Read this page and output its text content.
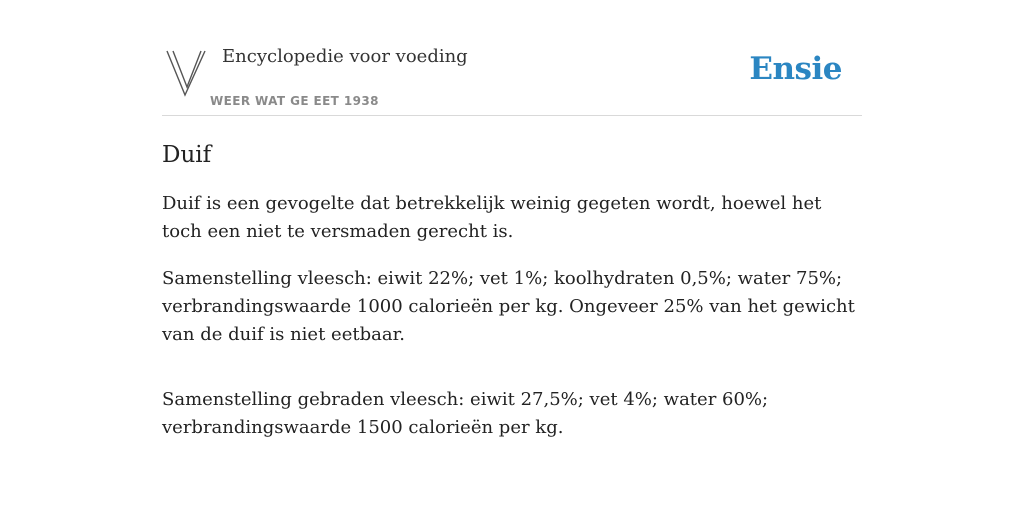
Encyclopedie voor voeding
WEER WAT GE EET 1938
Ensie
Duif

Duif is een gevogelte dat betrekkelijk weinig gegeten wordt, hoewel het toch een niet te versmaden gerecht is.

Samenstelling vleesch: eiwit 22%; vet 1%; koolhydraten 0,5%; water 75%; verbrandingswaarde 1000 calorieën per kg. Ongeveer 25% van het gewicht van de duif is niet eetbaar.

Samenstelling gebraden vleesch: eiwit 27,5%; vet 4%; water 60%; verbrandingswaarde 1500 calorieën per kg.
